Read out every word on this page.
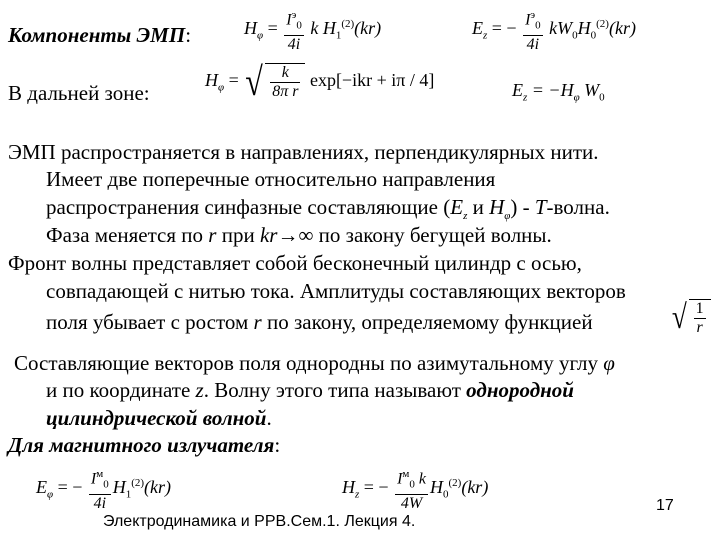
Компоненты ЭМП:	$H_\varphi = \frac{I^э_0}{4i}$ k $H_1^{(2)}(kr)$	$E_z$ = − $\frac{I^э_0}{4i} kW_0H_0^{(2)}(kr)$
В дальней зоне:
$H_\varphi$ = √ $\frac{k}{\text{8π r}} \exp[-ikr + i\pi / 4]$	$E_z = -H_\varphi$ $W_0$
ЭМП распространяется в направлениях, перпендикулярных нити.
Имеет две поперечные относительно направления
распространения синфазные составляющие ($E_z$ и $H_\varphi$) - T-волна.
Фаза меняется по r при kr→∞ по закону бегущей волны.
Фронт волны представляет собой бесконечный цилиндр с осью,
совпадающей с нитью тока. Амплитуды составляющих векторов
поля убывает с ростом r по закону, определяемому функцией √ $\frac{1}{r}$
Составляющие векторов поля однородны по азимутальному углу φ
и по координате z. Волну этого типа называют однородной
цилиндрической волной.
Для магнитного излучателя:
$E_\varphi$ = − $\frac{I^м_0}{4i} H_1^{(2)}(kr)$	$H_z$ = − $\frac{I^м_0 k}{4W} H_0^{(2)}(kr)$
17
Электродинамика и РРВ.Сем.1. Лекция 4.
